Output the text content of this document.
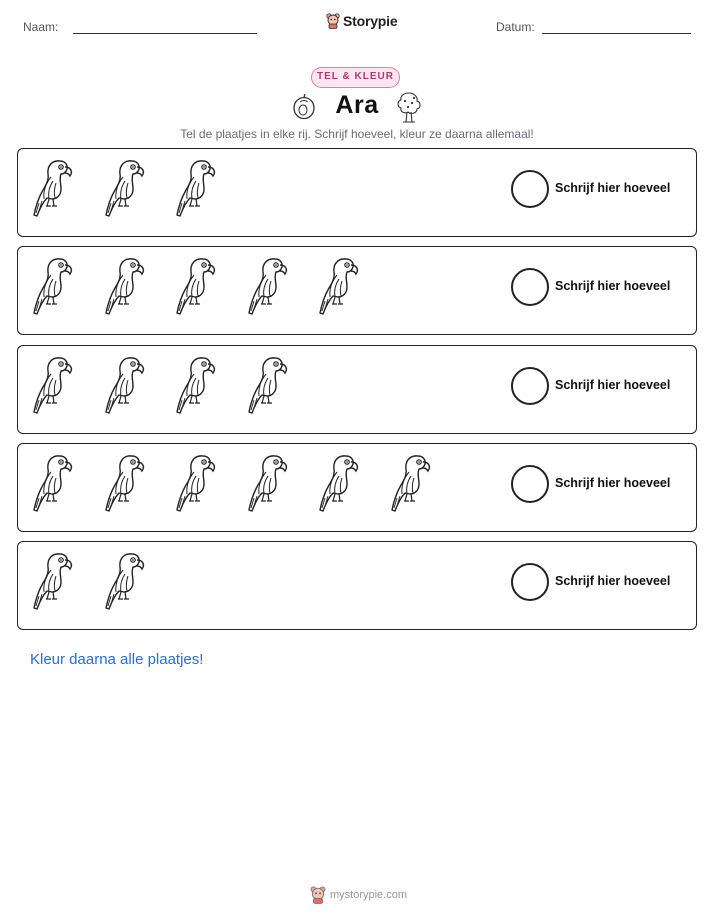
Naam:	Storypie	Datum:
TEL & KLEUR
Ara
Tel de plaatjes in elke rij. Schrijf hoeveel, kleur ze daarna allemaal!
Schrijf hier hoeveel
Schrijf hier hoeveel
Schrijf hier hoeveel
Schrijf hier hoeveel
Schrijf hier hoeveel
Kleur daarna alle plaatjes!
mystorypie.com
